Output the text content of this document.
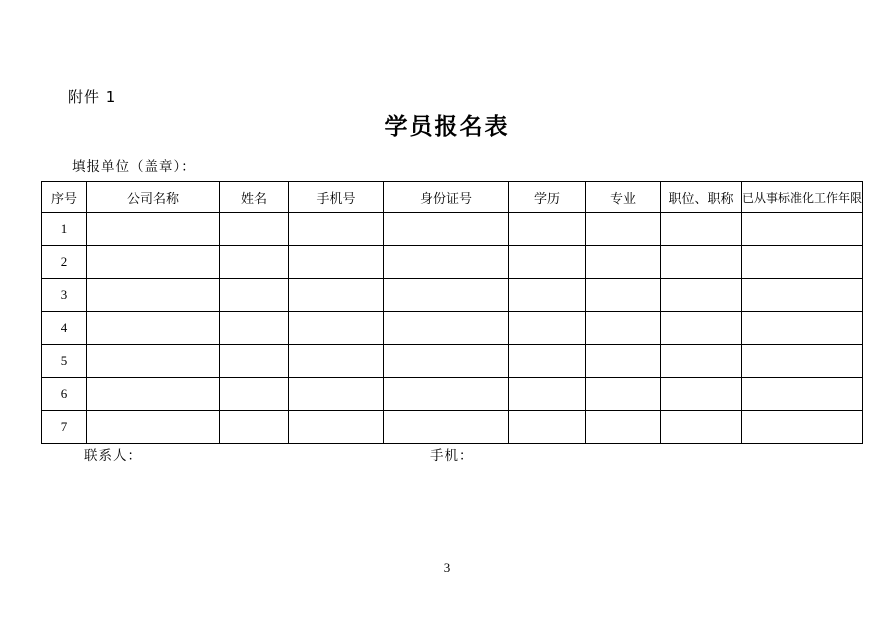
附件 1
学员报名表
填报单位（盖章）：
序号	公司名称	姓名	手机号	身份证号	学历	专业	职位、职称	已从事标准化工作年限
1								
2								
3								
4								
5								
6								
7								
联系人：	手机：
3
